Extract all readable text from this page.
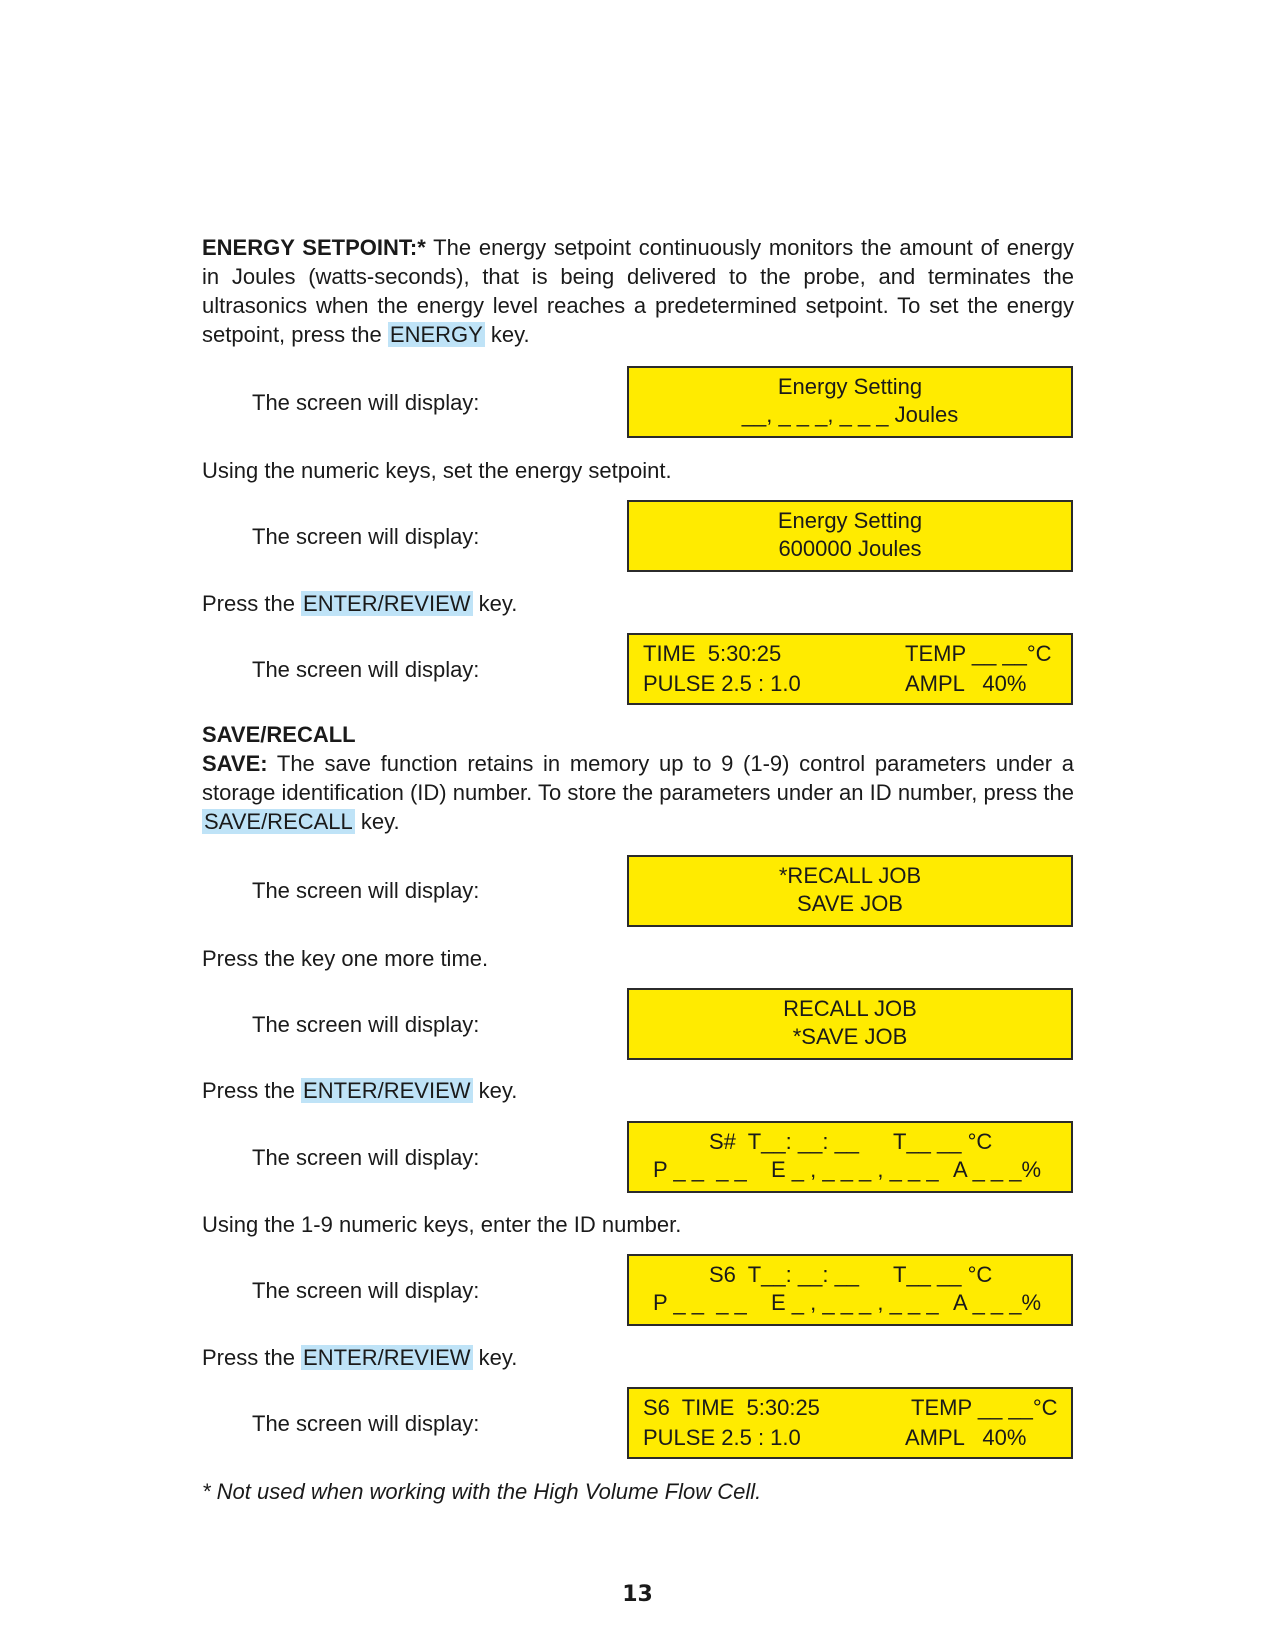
ENERGY SETPOINT:* The energy setpoint continuously monitors the amount of energy in Joules (watts-seconds), that is being delivered to the probe, and terminates the ultrasonics when the energy level reaches a predetermined setpoint. To set the energy setpoint, press the ENERGY key.

The screen will display:
Energy Setting
__, _ _ _, _ _ _ Joules
Using the numeric keys, set the energy setpoint.
The screen will display:
Energy Setting
600000 Joules
Press the ENTER/REVIEW key.
The screen will display:
TIME  5:30:25	TEMP __ __°C
PULSE 2.5 : 1.0	AMPL   40%
SAVE/RECALL

SAVE: The save function retains in memory up to 9 (1-9) control parameters under a storage identification (ID) number. To store the parameters under an ID number, press the SAVE/RECALL key.

The screen will display:
*RECALL JOB
SAVE JOB
Press the key one more time.
The screen will display:
RECALL JOB
*SAVE JOB
Press the ENTER/REVIEW key.
The screen will display:
S#  T__: __: __ T__ __ °C
P _ _  _ _ E _ , _ _ _ , _ _ _ A _ _ _%
Using the 1-9 numeric keys, enter the ID number.
The screen will display:
S6  T__: __: __ T__ __ °C
P _ _  _ _ E _ , _ _ _ , _ _ _ A _ _ _%
Press the ENTER/REVIEW key.
The screen will display:
S6  TIME  5:30:25	TEMP __ __°C
PULSE 2.5 : 1.0	AMPL   40%
* Not used when working with the High Volume Flow Cell.
13
